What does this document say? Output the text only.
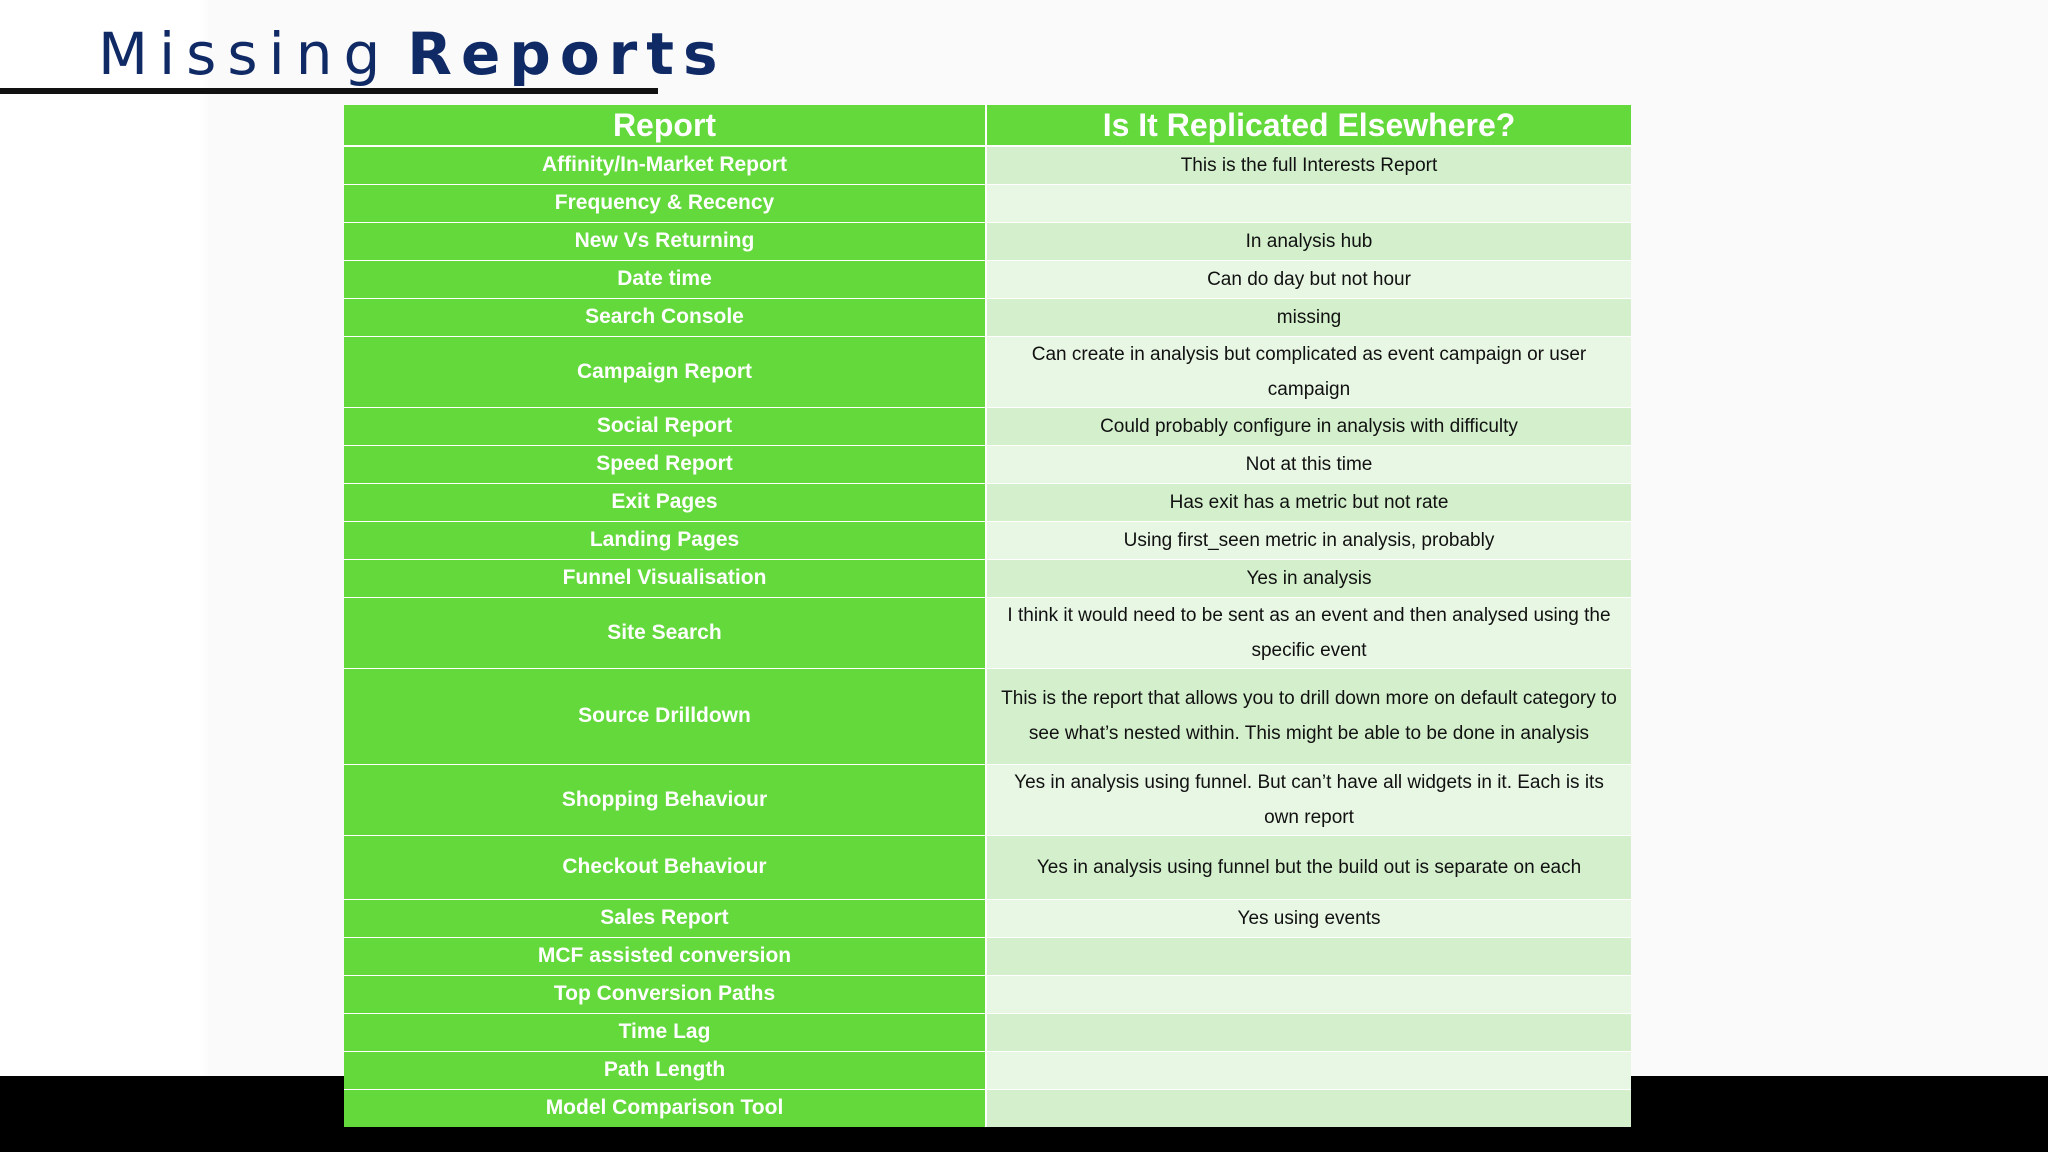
Missing Reports
Report	Is It Replicated Elsewhere?
Affinity/In-Market Report	This is the full Interests Report
Frequency & Recency	
New Vs Returning	In analysis hub
Date time	Can do day but not hour
Search Console	missing
Campaign Report	Can create in analysis but complicated as event campaign or user campaign
Social Report	Could probably configure in analysis with difficulty
Speed Report	Not at this time
Exit Pages	Has exit has a metric but not rate
Landing Pages	Using first_seen metric in analysis, probably
Funnel Visualisation	Yes in analysis
Site Search	I think it would need to be sent as an event and then analysed using the specific event
Source Drilldown	This is the report that allows you to drill down more on default category to see what’s nested within. This might be able to be done in analysis
Shopping Behaviour	Yes in analysis using funnel. But can’t have all widgets in it. Each is its own report
Checkout Behaviour	Yes in analysis using funnel but the build out is separate on each
Sales Report	Yes using events
MCF assisted conversion	
Top Conversion Paths	
Time Lag	
Path Length	
Model Comparison Tool	
